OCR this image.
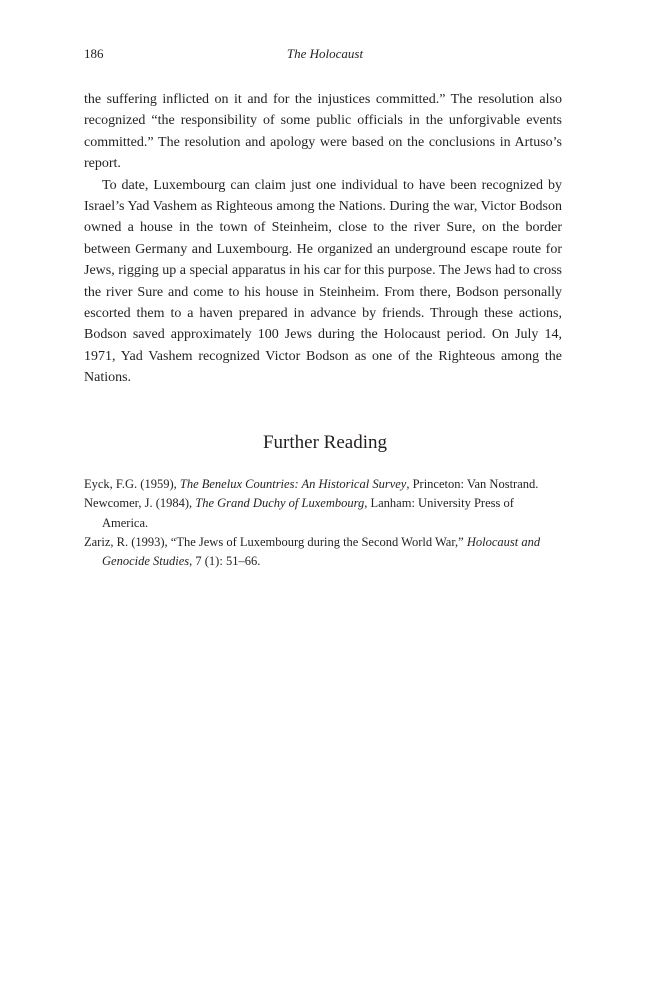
186	The Holocaust

the suffering inflicted on it and for the injustices committed.” The resolution also recognized “the responsibility of some public officials in the unforgivable events committed.” The resolution and apology were based on the conclusions in Artuso’s report.

To date, Luxembourg can claim just one individual to have been recognized by Israel’s Yad Vashem as Righteous among the Nations. During the war, Victor Bodson owned a house in the town of Steinheim, close to the river Sure, on the border between Germany and Luxembourg. He organized an underground escape route for Jews, rigging up a special apparatus in his car for this purpose. The Jews had to cross the river Sure and come to his house in Steinheim. From there, Bodson personally escorted them to a haven prepared in advance by friends. Through these actions, Bodson saved approximately 100 Jews during the Holocaust period. On July 14, 1971, Yad Vashem recognized Victor Bodson as one of the Righteous among the Nations.

Further Reading

Eyck, F.G. (1959), The Benelux Countries: An Historical Survey, Princeton: Van Nostrand.

Newcomer, J. (1984), The Grand Duchy of Luxembourg, Lanham: University Press of America.

Zariz, R. (1993), “The Jews of Luxembourg during the Second World War,” Holocaust and Genocide Studies, 7 (1): 51–66.
